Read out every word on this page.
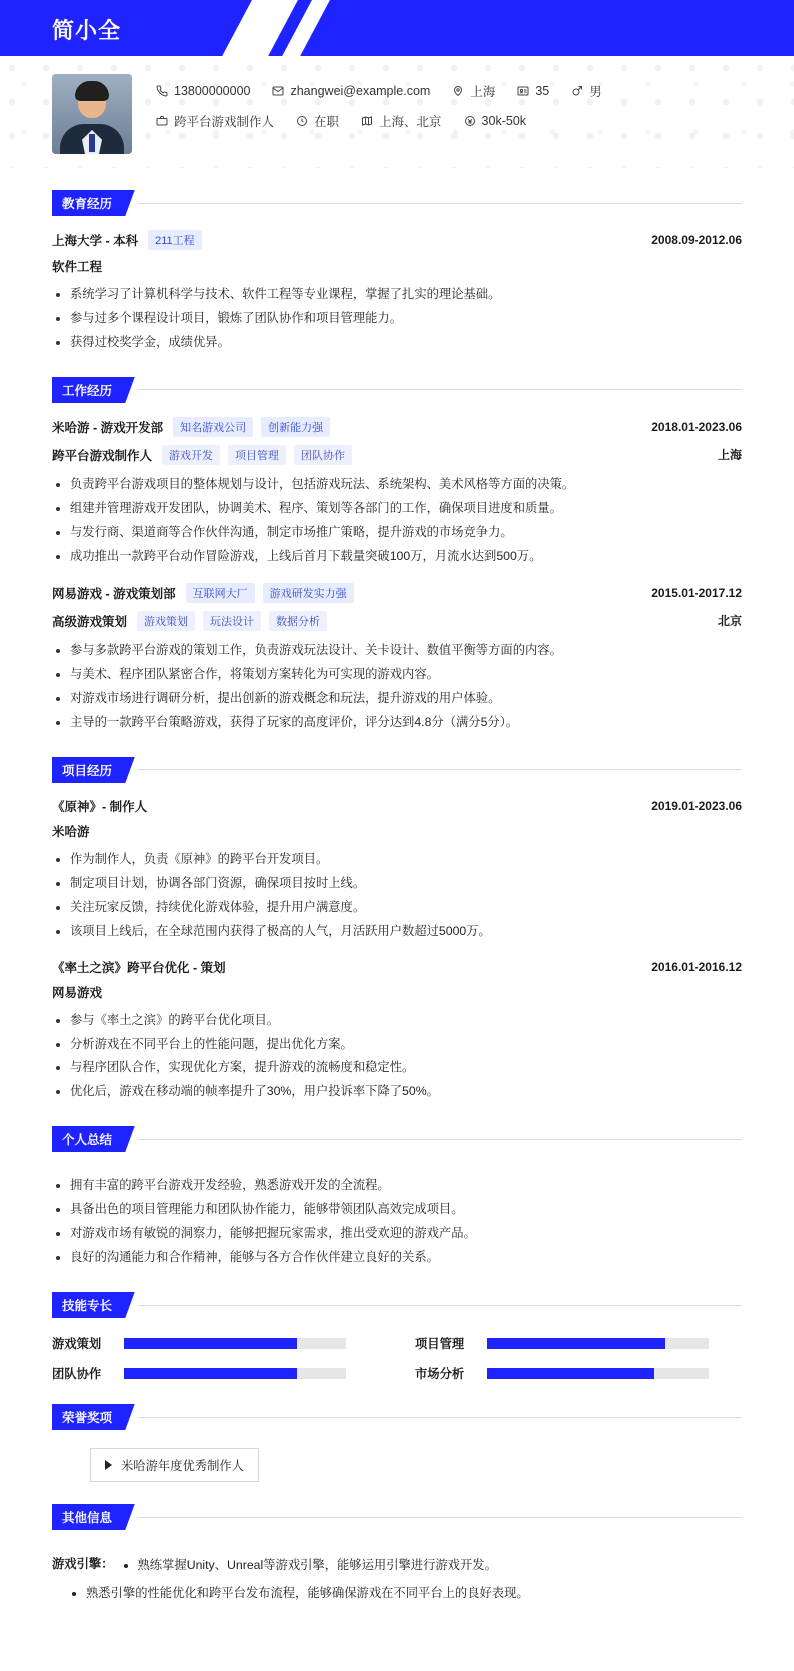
简小全
13800000000	zhangwei@example.com	上海	35	男
跨平台游戏制作人	在职	上海、北京	30k-50k
教育经历
上海大学 - 本科	211工程	2008.09-2012.06
软件工程
• 系统学习了计算机科学与技术、软件工程等专业课程，掌握了扎实的理论基础。
• 参与过多个课程设计项目，锻炼了团队协作和项目管理能力。
• 获得过校奖学金，成绩优异。
工作经历
米哈游 - 游戏开发部	知名游戏公司	创新能力强	2018.01-2023.06
跨平台游戏制作人	游戏开发	项目管理	团队协作	上海
• 负责跨平台游戏项目的整体规划与设计，包括游戏玩法、系统架构、美术风格等方面的决策。
• 组建并管理游戏开发团队，协调美术、程序、策划等各部门的工作，确保项目进度和质量。
• 与发行商、渠道商等合作伙伴沟通，制定市场推广策略，提升游戏的市场竞争力。
• 成功推出一款跨平台动作冒险游戏，上线后首月下载量突破100万，月流水达到500万。
网易游戏 - 游戏策划部	互联网大厂	游戏研发实力强	2015.01-2017.12
高级游戏策划	游戏策划	玩法设计	数据分析	北京
• 参与多款跨平台游戏的策划工作，负责游戏玩法设计、关卡设计、数值平衡等方面的内容。
• 与美术、程序团队紧密合作，将策划方案转化为可实现的游戏内容。
• 对游戏市场进行调研分析，提出创新的游戏概念和玩法，提升游戏的用户体验。
• 主导的一款跨平台策略游戏，获得了玩家的高度评价，评分达到4.8分（满分5分）。
项目经历
《原神》- 制作人	2019.01-2023.06
米哈游
• 作为制作人，负责《原神》的跨平台开发项目。
• 制定项目计划，协调各部门资源，确保项目按时上线。
• 关注玩家反馈，持续优化游戏体验，提升用户满意度。
• 该项目上线后，在全球范围内获得了极高的人气，月活跃用户数超过5000万。
《率土之滨》跨平台优化 - 策划	2016.01-2016.12
网易游戏
• 参与《率土之滨》的跨平台优化项目。
• 分析游戏在不同平台上的性能问题，提出优化方案。
• 与程序团队合作，实现优化方案，提升游戏的流畅度和稳定性。
• 优化后，游戏在移动端的帧率提升了30%，用户投诉率下降了50%。
个人总结
• 拥有丰富的跨平台游戏开发经验，熟悉游戏开发的全流程。
• 具备出色的项目管理能力和团队协作能力，能够带领团队高效完成项目。
• 对游戏市场有敏锐的洞察力，能够把握玩家需求，推出受欢迎的游戏产品。
• 良好的沟通能力和合作精神，能够与各方合作伙伴建立良好的关系。
技能专长
游戏策划	项目管理
团队协作	市场分析
荣誉奖项
米哈游年度优秀制作人
其他信息
游戏引擎： • 熟练掌握Unity、Unreal等游戏引擎，能够运用引擎进行游戏开发。
• 熟悉引擎的性能优化和跨平台发布流程，能够确保游戏在不同平台上的良好表现。
